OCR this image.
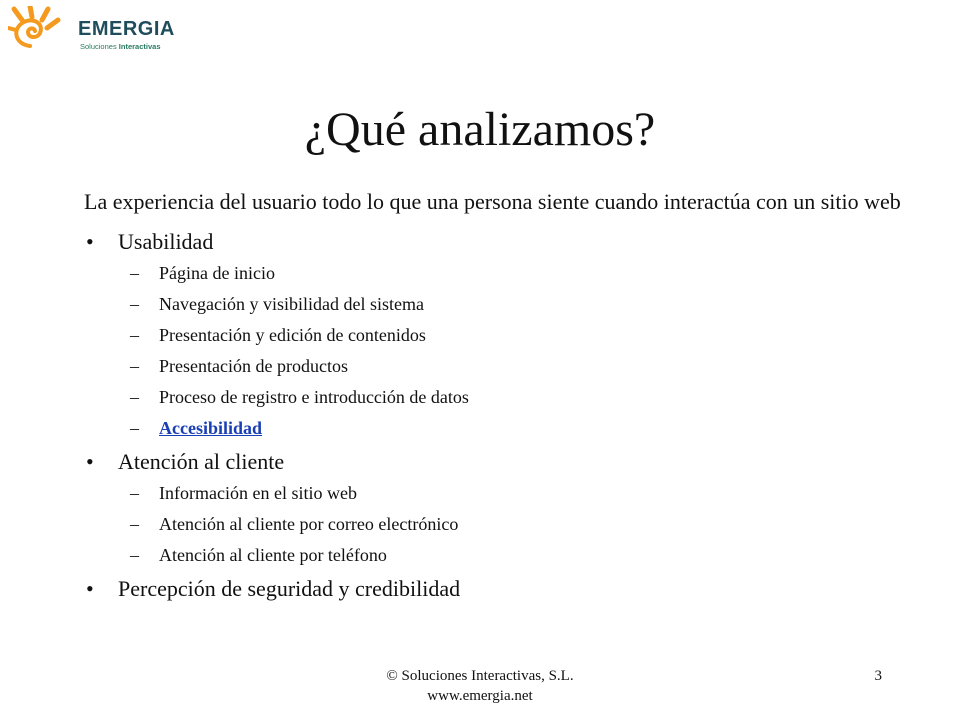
EMERGIA
Soluciones Interactivas
¿Qué analizamos?
La experiencia del usuario todo lo que una persona siente cuando interactúa con un sitio web
• Usabilidad
– Página de inicio
– Navegación y visibilidad del sistema
– Presentación y edición de contenidos
– Presentación de productos
– Proceso de registro e introducción de datos
– Accesibilidad
• Atención al cliente
– Información en el sitio web
– Atención al cliente por correo electrónico
– Atención al cliente por teléfono
• Percepción de seguridad y credibilidad
© Soluciones Interactivas, S.L.
www.emergia.net
3
